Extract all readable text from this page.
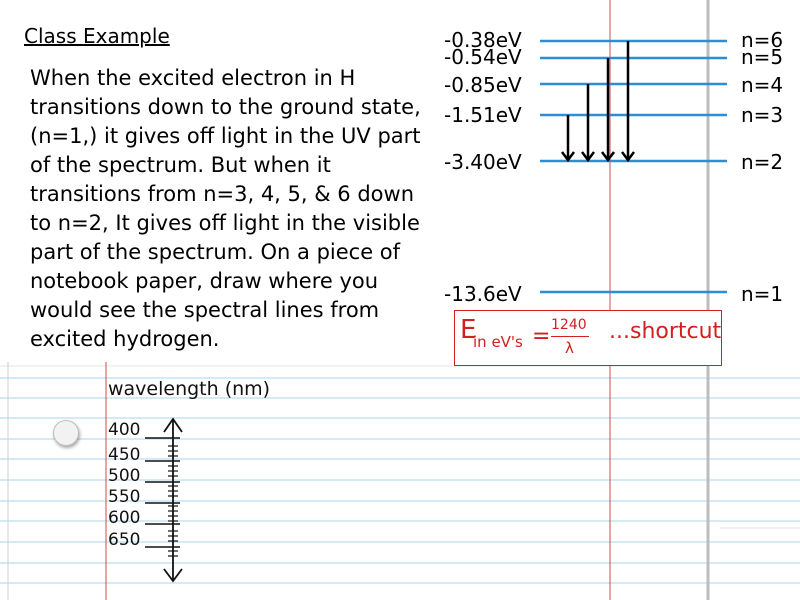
Class Example
When the excited electron in H transitions down to the ground state, (n=1,) it gives off light in the UV part of the spectrum. But when it transitions from n=3, 4, 5, & 6 down to n=2, It gives off light in the visible part of the spectrum. On a piece of notebook paper, draw where you would see the spectral lines from excited hydrogen.
-0.38eV	n=6
-0.54eV	n=5
-0.85eV	n=4
-1.51eV	n=3
-3.40eV	n=2
-13.6eV	n=1
E
in eV's = 1240
λ
...shortcut
wavelength (nm)
400
450
500
550
600
650
